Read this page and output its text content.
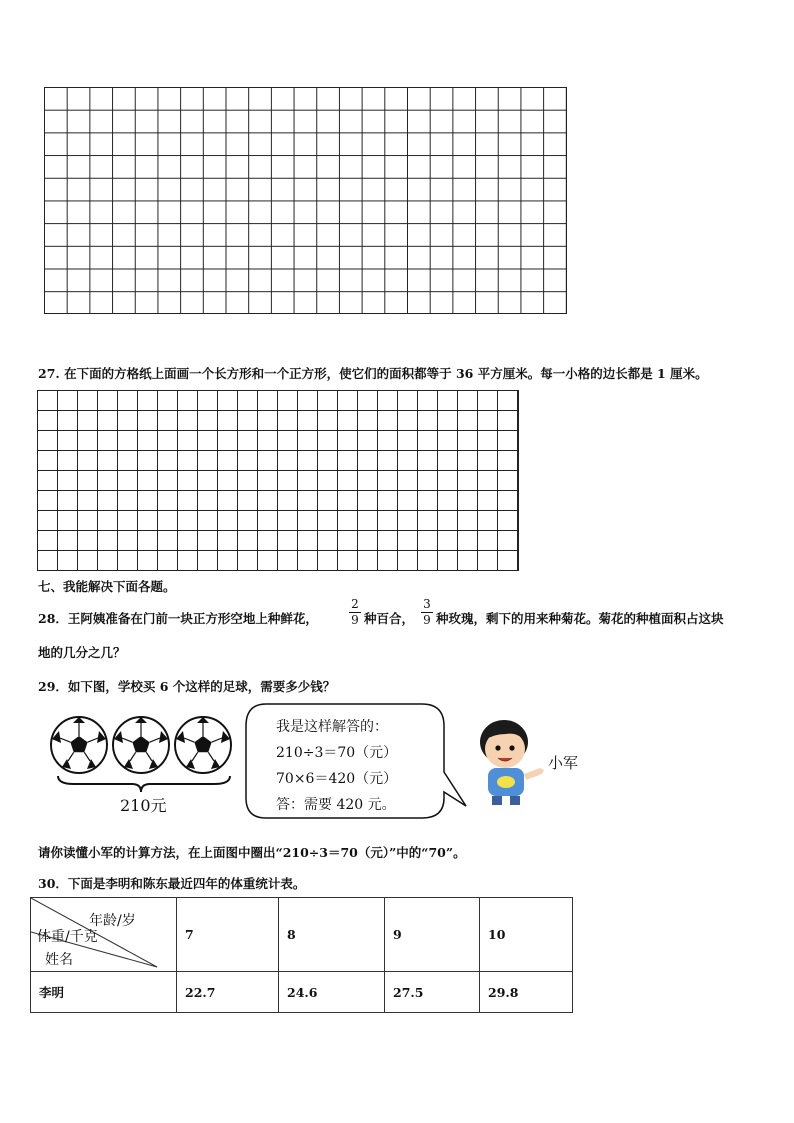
27. 在下面的方格纸上面画一个长方形和一个正方形，使它们的面积都等于 36 平方厘米。每一小格的边长都是 1 厘米。
七、我能解决下面各题。
28．王阿姨准备在门前一块正方形空地上种鲜花，
2
9 种百合，
3
9 种玫瑰，剩下的用来种菊花。菊花的种植面积占这块
地的几分之几？
29．如下图，学校买 6 个这样的足球，需要多少钱？
210元
我是这样解答的：
210÷3＝70（元）
70×6＝420（元）
答：需要 420 元。
小军
请你读懂小军的计算方法，在上面图中圈出“210÷3＝70（元）”中的“70”。
30．下面是李明和陈东最近四年的体重统计表。
年龄/岁
体重/千克
姓名	7	8	9	10
李明	22.7	24.6	27.5	29.8
